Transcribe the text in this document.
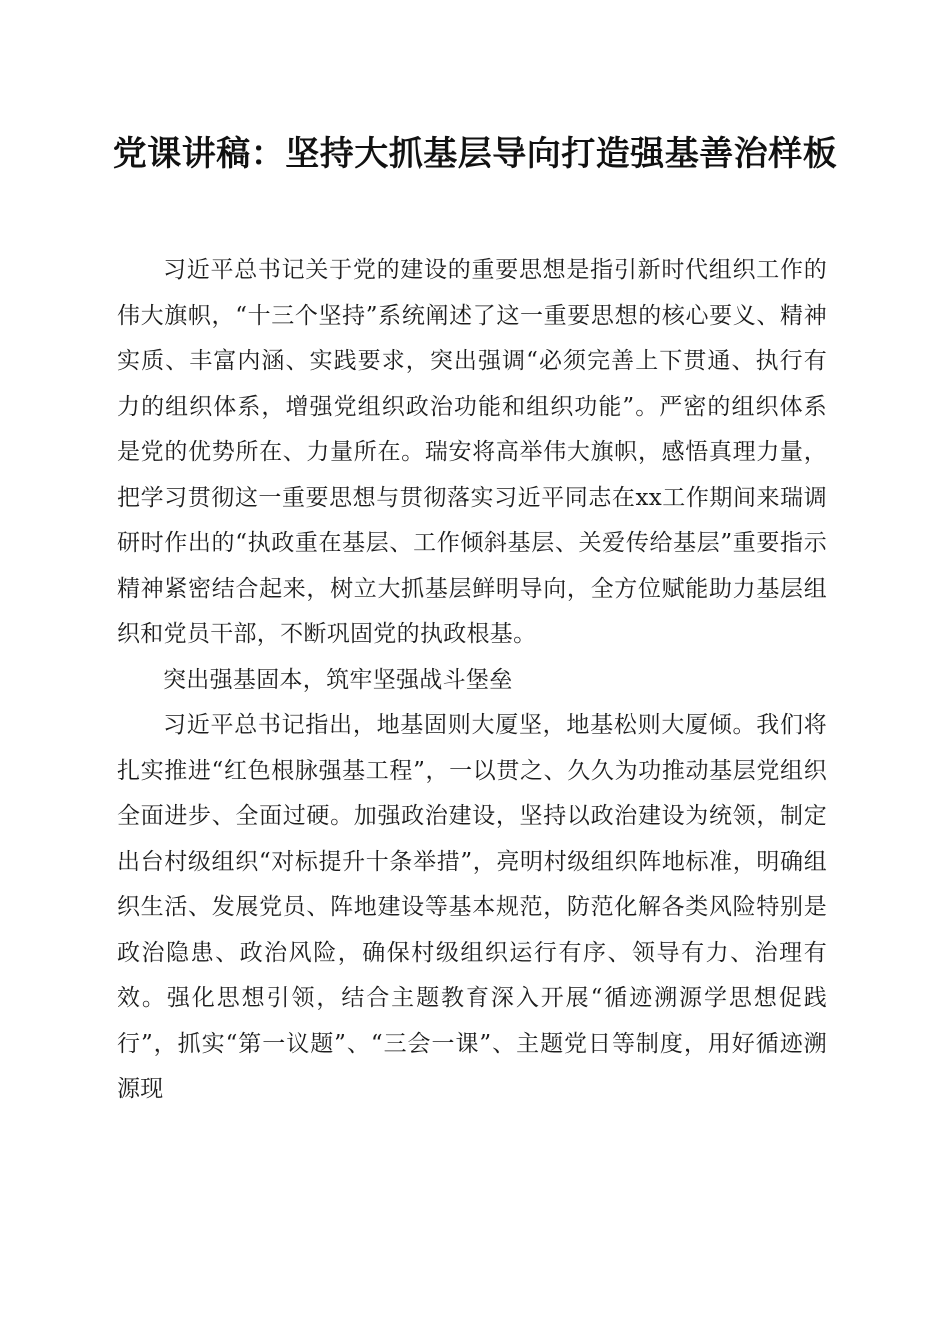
党课讲稿：坚持大抓基层导向打造强基善治样板

习近平总书记关于党的建设的重要思想是指引新时代组织工作的伟大旗帜，“十三个坚持”系统阐述了这一重要思想的核心要义、精神实质、丰富内涵、实践要求，突出强调“必须完善上下贯通、执行有力的组织体系，增强党组织政治功能和组织功能”。严密的组织体系是党的优势所在、力量所在。瑞安将高举伟大旗帜，感悟真理力量，把学习贯彻这一重要思想与贯彻落实习近平同志在xx工作期间来瑞调研时作出的“执政重在基层、工作倾斜基层、关爱传给基层”重要指示精神紧密结合起来，树立大抓基层鲜明导向，全方位赋能助力基层组织和党员干部，不断巩固党的执政根基。

突出强基固本，筑牢坚强战斗堡垒

习近平总书记指出，地基固则大厦坚，地基松则大厦倾。我们将扎实推进“红色根脉强基工程”，一以贯之、久久为功推动基层党组织全面进步、全面过硬。加强政治建设，坚持以政治建设为统领，制定出台村级组织“对标提升十条举措”，亮明村级组织阵地标准，明确组织生活、发展党员、阵地建设等基本规范，防范化解各类风险特别是政治隐患、政治风险，确保村级组织运行有序、领导有力、治理有效。强化思想引领，结合主题教育深入开展“循迹溯源学思想促践行”，抓实“第一议题”、“三会一课”、主题党日等制度，用好循迹溯源现
